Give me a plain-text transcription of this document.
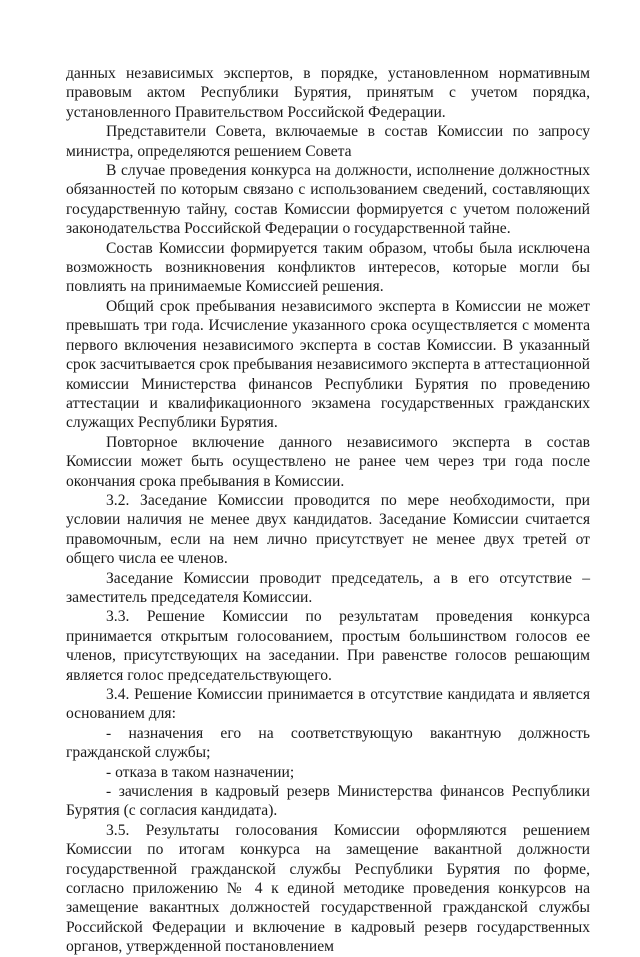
данных независимых экспертов, в порядке, установленном нормативным правовым актом Республики Бурятия, принятым с учетом порядка, установленного Правительством Российской Федерации.

Представители Совета, включаемые в состав Комиссии по запросу министра, определяются решением Совета

В случае проведения конкурса на должности, исполнение должностных обязанностей по которым связано с использованием сведений, составляющих государственную тайну, состав Комиссии формируется с учетом положений законодательства Российской Федерации о государственной тайне.

Состав Комиссии формируется таким образом, чтобы была исключена возможность возникновения конфликтов интересов, которые могли бы повлиять на принимаемые Комиссией решения.

Общий срок пребывания независимого эксперта в Комиссии не может превышать три года. Исчисление указанного срока осуществляется с момента первого включения независимого эксперта в состав Комиссии. В указанный срок засчитывается срок пребывания независимого эксперта в аттестационной комиссии Министерства финансов Республики Бурятия по проведению аттестации и квалификационного экзамена государственных гражданских служащих Республики Бурятия.

Повторное включение данного независимого эксперта в состав Комиссии может быть осуществлено не ранее чем через три года после окончания срока пребывания в Комиссии.

3.2. Заседание Комиссии проводится по мере необходимости, при условии наличия не менее двух кандидатов. Заседание Комиссии считается правомочным, если на нем лично присутствует не менее двух третей от общего числа ее членов.

Заседание Комиссии проводит председатель, а в его отсутствие – заместитель председателя Комиссии.

3.3. Решение Комиссии по результатам проведения конкурса принимается открытым голосованием, простым большинством голосов ее членов, присутствующих на заседании. При равенстве голосов решающим является голос председательствующего.

3.4. Решение Комиссии принимается в отсутствие кандидата и является основанием для:

- назначения его на соответствующую вакантную должность гражданской службы;

- отказа в таком назначении;

- зачисления в кадровый резерв Министерства финансов Республики Бурятия (с согласия кандидата).

3.5. Результаты голосования Комиссии оформляются решением Комиссии по итогам конкурса на замещение вакантной должности государственной гражданской службы Республики Бурятия по форме, согласно приложению № 4 к единой методике проведения конкурсов на замещение вакантных должностей государственной гражданской службы Российской Федерации и включение в кадровый резерв государственных органов, утвержденной постановлением
